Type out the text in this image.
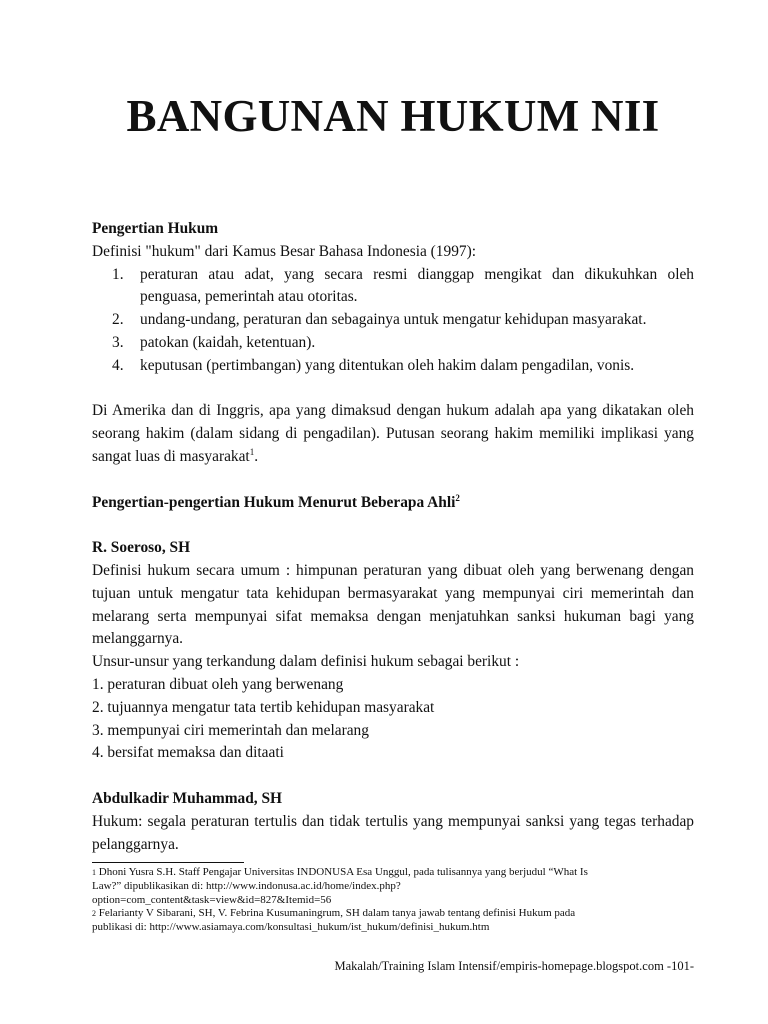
BANGUNAN HUKUM NII

Pengertian Hukum

Definisi "hukum" dari Kamus Besar Bahasa Indonesia (1997):

1. peraturan atau adat, yang secara resmi dianggap mengikat dan dikukuhkan oleh penguasa, pemerintah atau otoritas.
2. undang-undang, peraturan dan sebagainya untuk mengatur kehidupan masyarakat.
3. patokan (kaidah, ketentuan).
4. keputusan (pertimbangan) yang ditentukan oleh hakim dalam pengadilan, vonis.

Di Amerika dan di Inggris, apa yang dimaksud dengan hukum adalah apa yang dikatakan oleh seorang hakim (dalam sidang di pengadilan). Putusan seorang hakim memiliki implikasi yang sangat luas di masyarakat$^1$.

Pengertian-pengertian Hukum Menurut Beberapa Ahli$^2$

R. Soeroso, SH

Definisi hukum secara umum : himpunan peraturan yang dibuat oleh yang berwenang dengan tujuan untuk mengatur tata kehidupan bermasyarakat yang mempunyai ciri memerintah dan melarang serta mempunyai sifat memaksa dengan menjatuhkan sanksi hukuman bagi yang melanggarnya.

Unsur-unsur yang terkandung dalam definisi hukum sebagai berikut :

1. peraturan dibuat oleh yang berwenang

2. tujuannya mengatur tata tertib kehidupan masyarakat

3. mempunyai ciri memerintah dan melarang

4. bersifat memaksa dan ditaati

Abdulkadir Muhammad, SH

Hukum: segala peraturan tertulis dan tidak tertulis yang mempunyai sanksi yang tegas terhadap pelanggarnya.

$^1$ Dhoni Yusra S.H. Staff Pengajar Universitas INDONUSA Esa Unggul, pada tulisannya yang berjudul “What Is

Law?” dipublikasikan di: http://www.indonusa.ac.id/home/index.php?

option=com_content&task=view&id=827&Itemid=56

$^2$ Felarianty V Sibarani, SH, V. Febrina Kusumaningrum, SH dalam tanya jawab tentang definisi Hukum pada

publikasi di: http://www.asiamaya.com/konsultasi_hukum/ist_hukum/definisi_hukum.htm

Makalah/Training Islam Intensif/empiris-homepage.blogspot.com -101-
